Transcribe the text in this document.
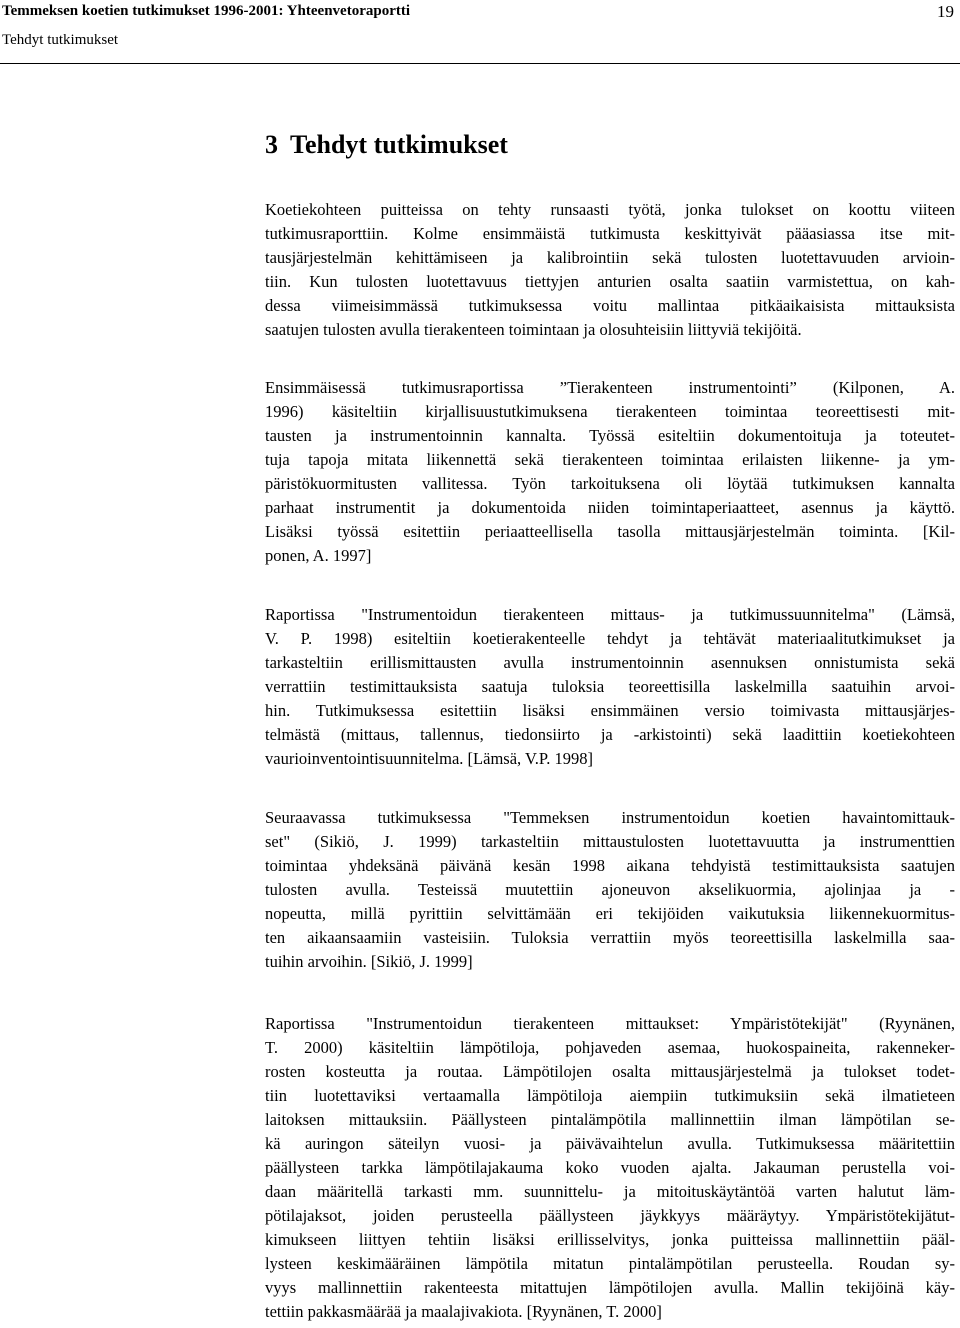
Temmeksen koetien tutkimukset 1996-2001: Yhteenvetoraportti
Tehdyt tutkimukset
19
3 Tehdyt tutkimukset

Koetiekohteen puitteissa on tehty runsaasti työtä, jonka tulokset on koottu viiteen
tutkimusraporttiin. Kolme ensimmäistä tutkimusta keskittyivät pääasiassa itse mit-
tausjärjestelmän kehittämiseen ja kalibrointiin sekä tulosten luotettavuuden arvioin-
tiin. Kun tulosten luotettavuus tiettyjen anturien osalta saatiin varmistettua, on kah-
dessa viimeisimmässä tutkimuksessa voitu mallintaa pitkäaikaisista mittauksista
saatujen tulosten avulla tierakenteen toimintaan ja olosuhteisiin liittyviä tekijöitä.

Ensimmäisessä tutkimusraportissa ”Tierakenteen instrumentointi” (Kilponen, A.
1996) käsiteltiin kirjallisuustutkimuksena tierakenteen toimintaa teoreettisesti mit-
tausten ja instrumentoinnin kannalta. Työssä esiteltiin dokumentoituja ja toteutet-
tuja tapoja mitata liikennettä sekä tierakenteen toimintaa erilaisten liikenne- ja ym-
päristökuormitusten vallitessa. Työn tarkoituksena oli löytää tutkimuksen kannalta
parhaat instrumentit ja dokumentoida niiden toimintaperiaatteet, asennus ja käyttö.
Lisäksi työssä esitettiin periaatteellisella tasolla mittausjärjestelmän toiminta. [Kil-
ponen, A. 1997]

Raportissa "Instrumentoidun tierakenteen mittaus- ja tutkimussuunnitelma" (Lämsä,
V. P. 1998) esiteltiin koetierakenteelle tehdyt ja tehtävät materiaalitutkimukset ja
tarkasteltiin erillismittausten avulla instrumentoinnin asennuksen onnistumista sekä
verrattiin testimittauksista saatuja tuloksia teoreettisilla laskelmilla saatuihin arvoi-
hin. Tutkimuksessa esitettiin lisäksi ensimmäinen versio toimivasta mittausjärjes-
telmästä (mittaus, tallennus, tiedonsiirto ja -arkistointi) sekä laadittiin koetiekohteen
vaurioinventointisuunnitelma. [Lämsä, V.P. 1998]

Seuraavassa tutkimuksessa "Temmeksen instrumentoidun koetien havaintomittauk-
set" (Sikiö, J. 1999) tarkasteltiin mittaustulosten luotettavuutta ja instrumenttien
toimintaa yhdeksänä päivänä kesän 1998 aikana tehdyistä testimittauksista saatujen
tulosten avulla. Testeissä muutettiin ajoneuvon akselikuormia, ajolinjaa ja -
nopeutta, millä pyrittiin selvittämään eri tekijöiden vaikutuksia liikennekuormitus-
ten aikaansaamiin vasteisiin. Tuloksia verrattiin myös teoreettisilla laskelmilla saa-
tuihin arvoihin. [Sikiö, J. 1999]

Raportissa "Instrumentoidun tierakenteen mittaukset: Ympäristötekijät" (Ryynänen,
T. 2000) käsiteltiin lämpötiloja, pohjaveden asemaa, huokospaineita, rakenneker-
rosten kosteutta ja routaa. Lämpötilojen osalta mittausjärjestelmä ja tulokset todet-
tiin luotettaviksi vertaamalla lämpötiloja aiempiin tutkimuksiin sekä ilmatieteen
laitoksen mittauksiin. Päällysteen pintalämpötila mallinnettiin ilman lämpötilan se-
kä auringon säteilyn vuosi- ja päivävaihtelun avulla. Tutkimuksessa määritettiin
päällysteen tarkka lämpötilajakauma koko vuoden ajalta. Jakauman perustella voi-
daan määritellä tarkasti mm. suunnittelu- ja mitoituskäytäntöä varten halutut läm-
pötilajaksot, joiden perusteella päällysteen jäykkyys määräytyy. Ympäristötekijätut-
kimukseen liittyen tehtiin lisäksi erillisselvitys, jonka puitteissa mallinnettiin pääl-
lysteen keskimääräinen lämpötila mitatun pintalämpötilan perusteella. Roudan sy-
vyys mallinnettiin rakenteesta mitattujen lämpötilojen avulla. Mallin tekijöinä käy-
tettiin pakkasmäärää ja maalajivakiota. [Ryynänen, T. 2000]
